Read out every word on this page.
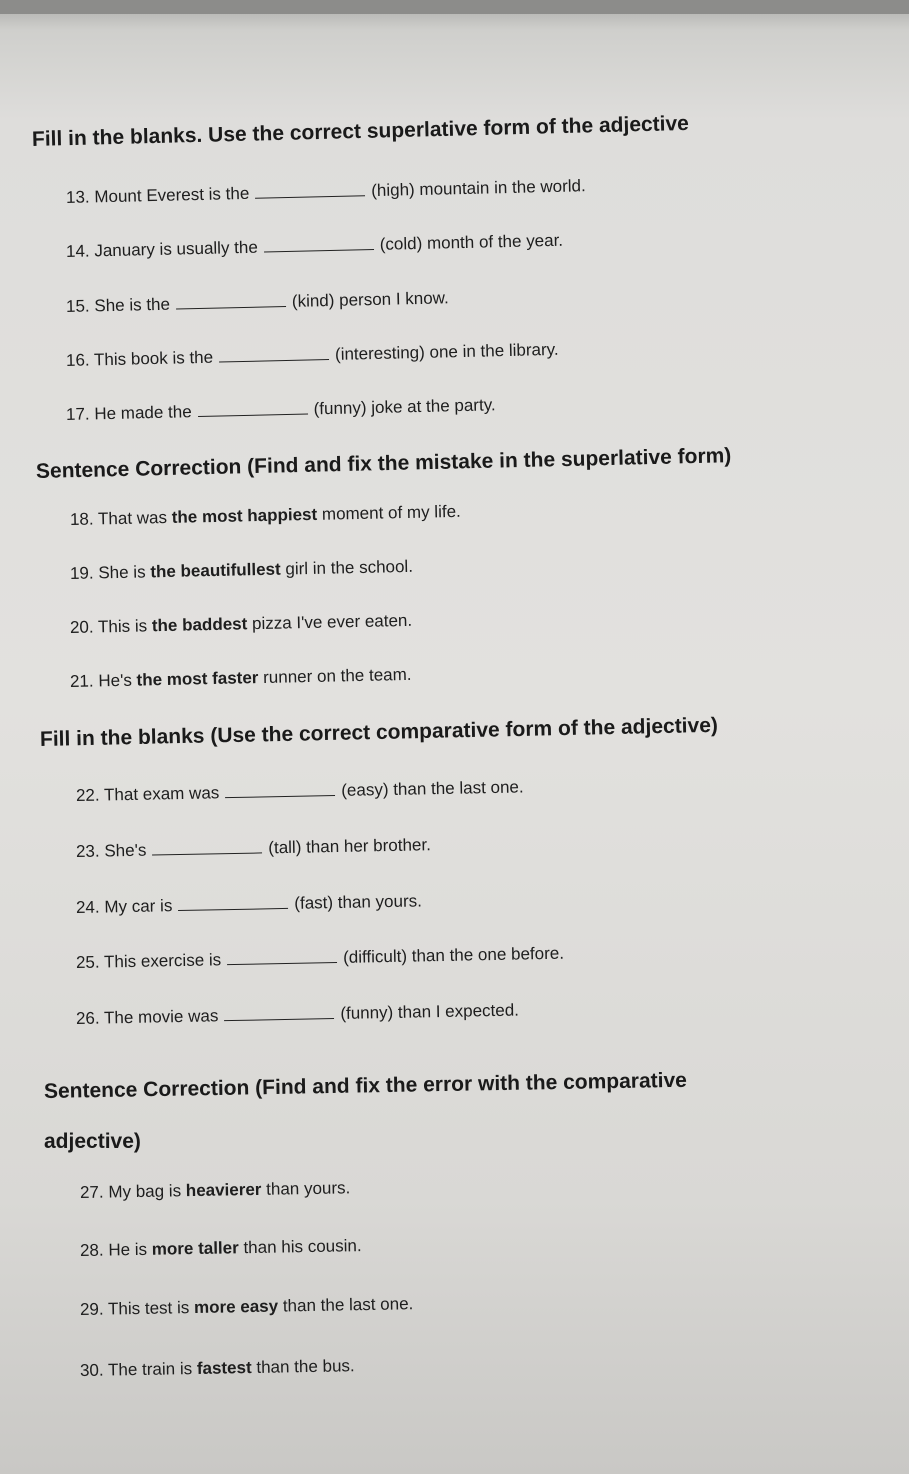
Fill in the blanks. Use the correct superlative form of the adjective
13. Mount Everest is the	(high) mountain in the world.
14. January is usually the	(cold) month of the year.
15. She is the	(kind) person I know.
16. This book is the	(interesting) one in the library.
17. He made the	(funny) joke at the party.
Sentence Correction (Find and fix the mistake in the superlative form)
18. That was the most happiest moment of my life.
19. She is the beautifullest girl in the school.
20. This is the baddest pizza I've ever eaten.
21. He's the most faster runner on the team.
Fill in the blanks (Use the correct comparative form of the adjective)
22. That exam was	(easy) than the last one.
23. She's	(tall) than her brother.
24. My car is	(fast) than yours.
25. This exercise is	(difficult) than the one before.
26. The movie was	(funny) than I expected.
Sentence Correction (Find and fix the error with the comparative
adjective)
27. My bag is heavierer than yours.
28. He is more taller than his cousin.
29. This test is more easy than the last one.
30. The train is fastest than the bus.
